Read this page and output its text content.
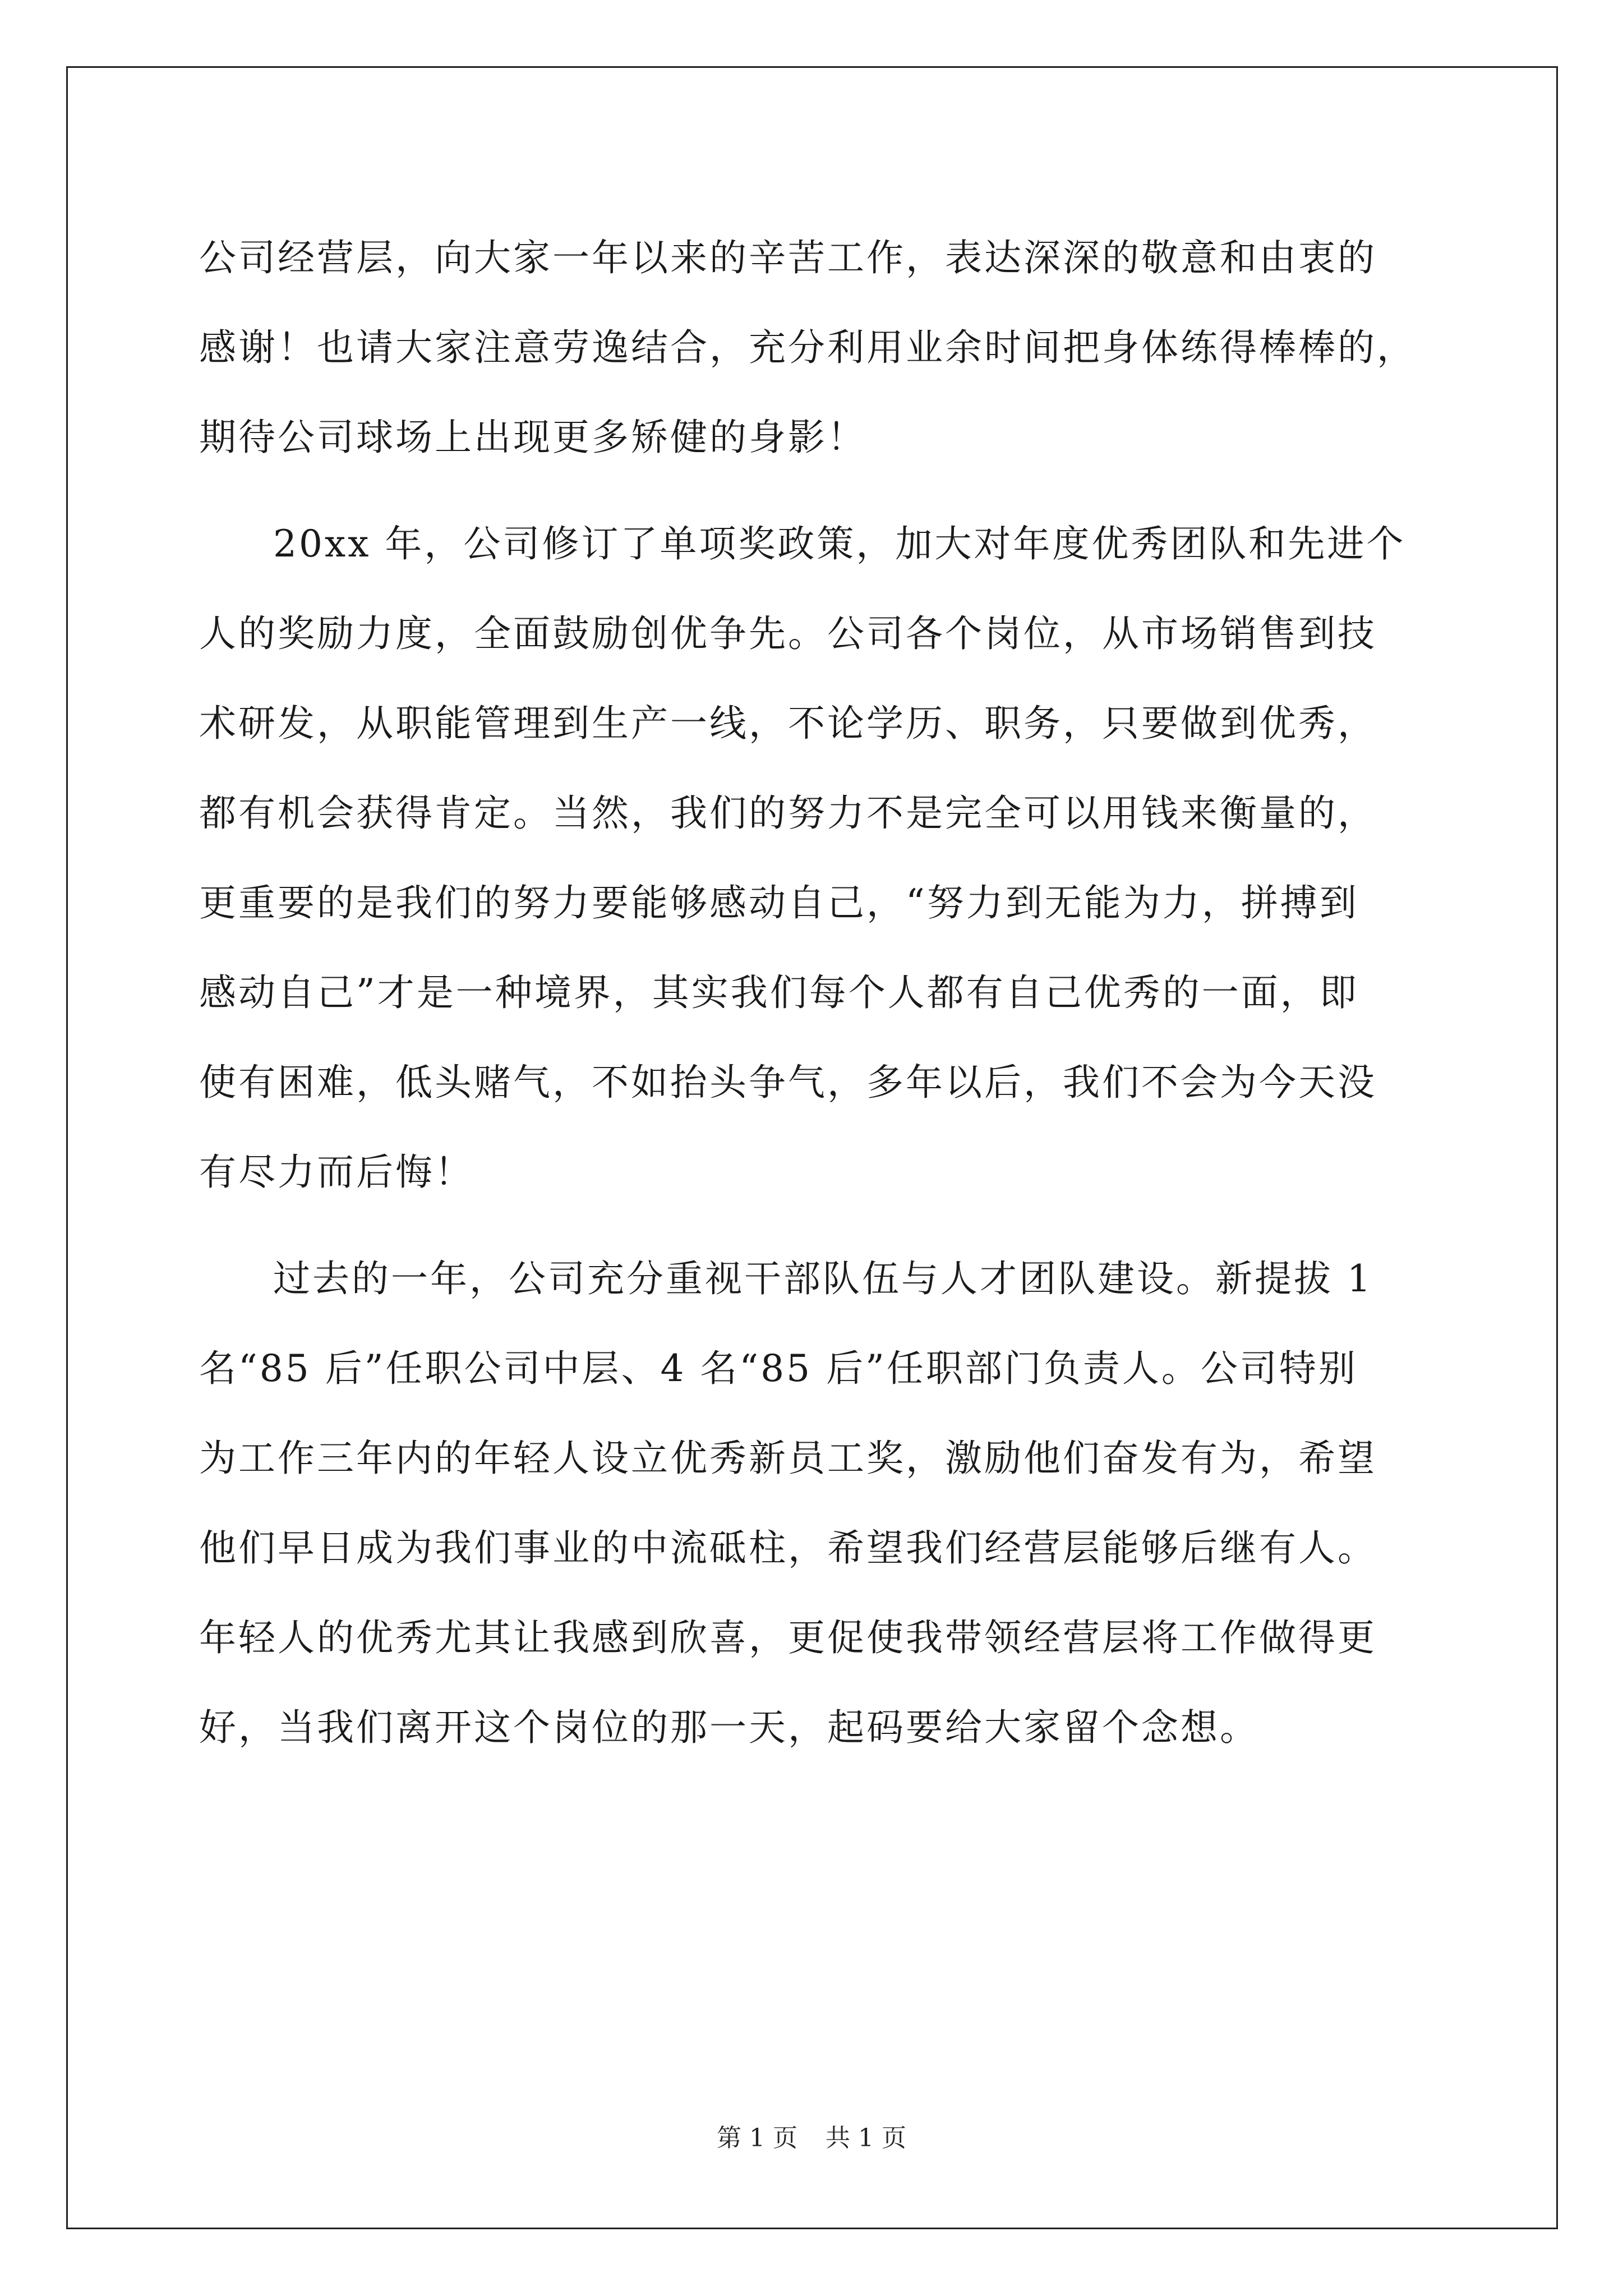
公司经营层，向大家一年以来的辛苦工作，表达深深的敬意和由衷的

感谢！也请大家注意劳逸结合，充分利用业余时间把身体练得棒棒的，

期待公司球场上出现更多矫健的身影！

20xx 年，公司修订了单项奖政策，加大对年度优秀团队和先进个

人的奖励力度，全面鼓励创优争先。公司各个岗位，从市场销售到技

术研发，从职能管理到生产一线，不论学历、职务，只要做到优秀，

都有机会获得肯定。当然，我们的努力不是完全可以用钱来衡量的，

更重要的是我们的努力要能够感动自己，“努力到无能为力，拼搏到

感动自己”才是一种境界，其实我们每个人都有自己优秀的一面，即

使有困难，低头赌气，不如抬头争气，多年以后，我们不会为今天没

有尽力而后悔！

过去的一年，公司充分重视干部队伍与人才团队建设。新提拔 1

名“85 后”任职公司中层、4 名“85 后”任职部门负责人。公司特别

为工作三年内的年轻人设立优秀新员工奖，激励他们奋发有为，希望

他们早日成为我们事业的中流砥柱，希望我们经营层能够后继有人。

年轻人的优秀尤其让我感到欣喜，更促使我带领经营层将工作做得更

好，当我们离开这个岗位的那一天，起码要给大家留个念想。

第 1 页 共 1 页
